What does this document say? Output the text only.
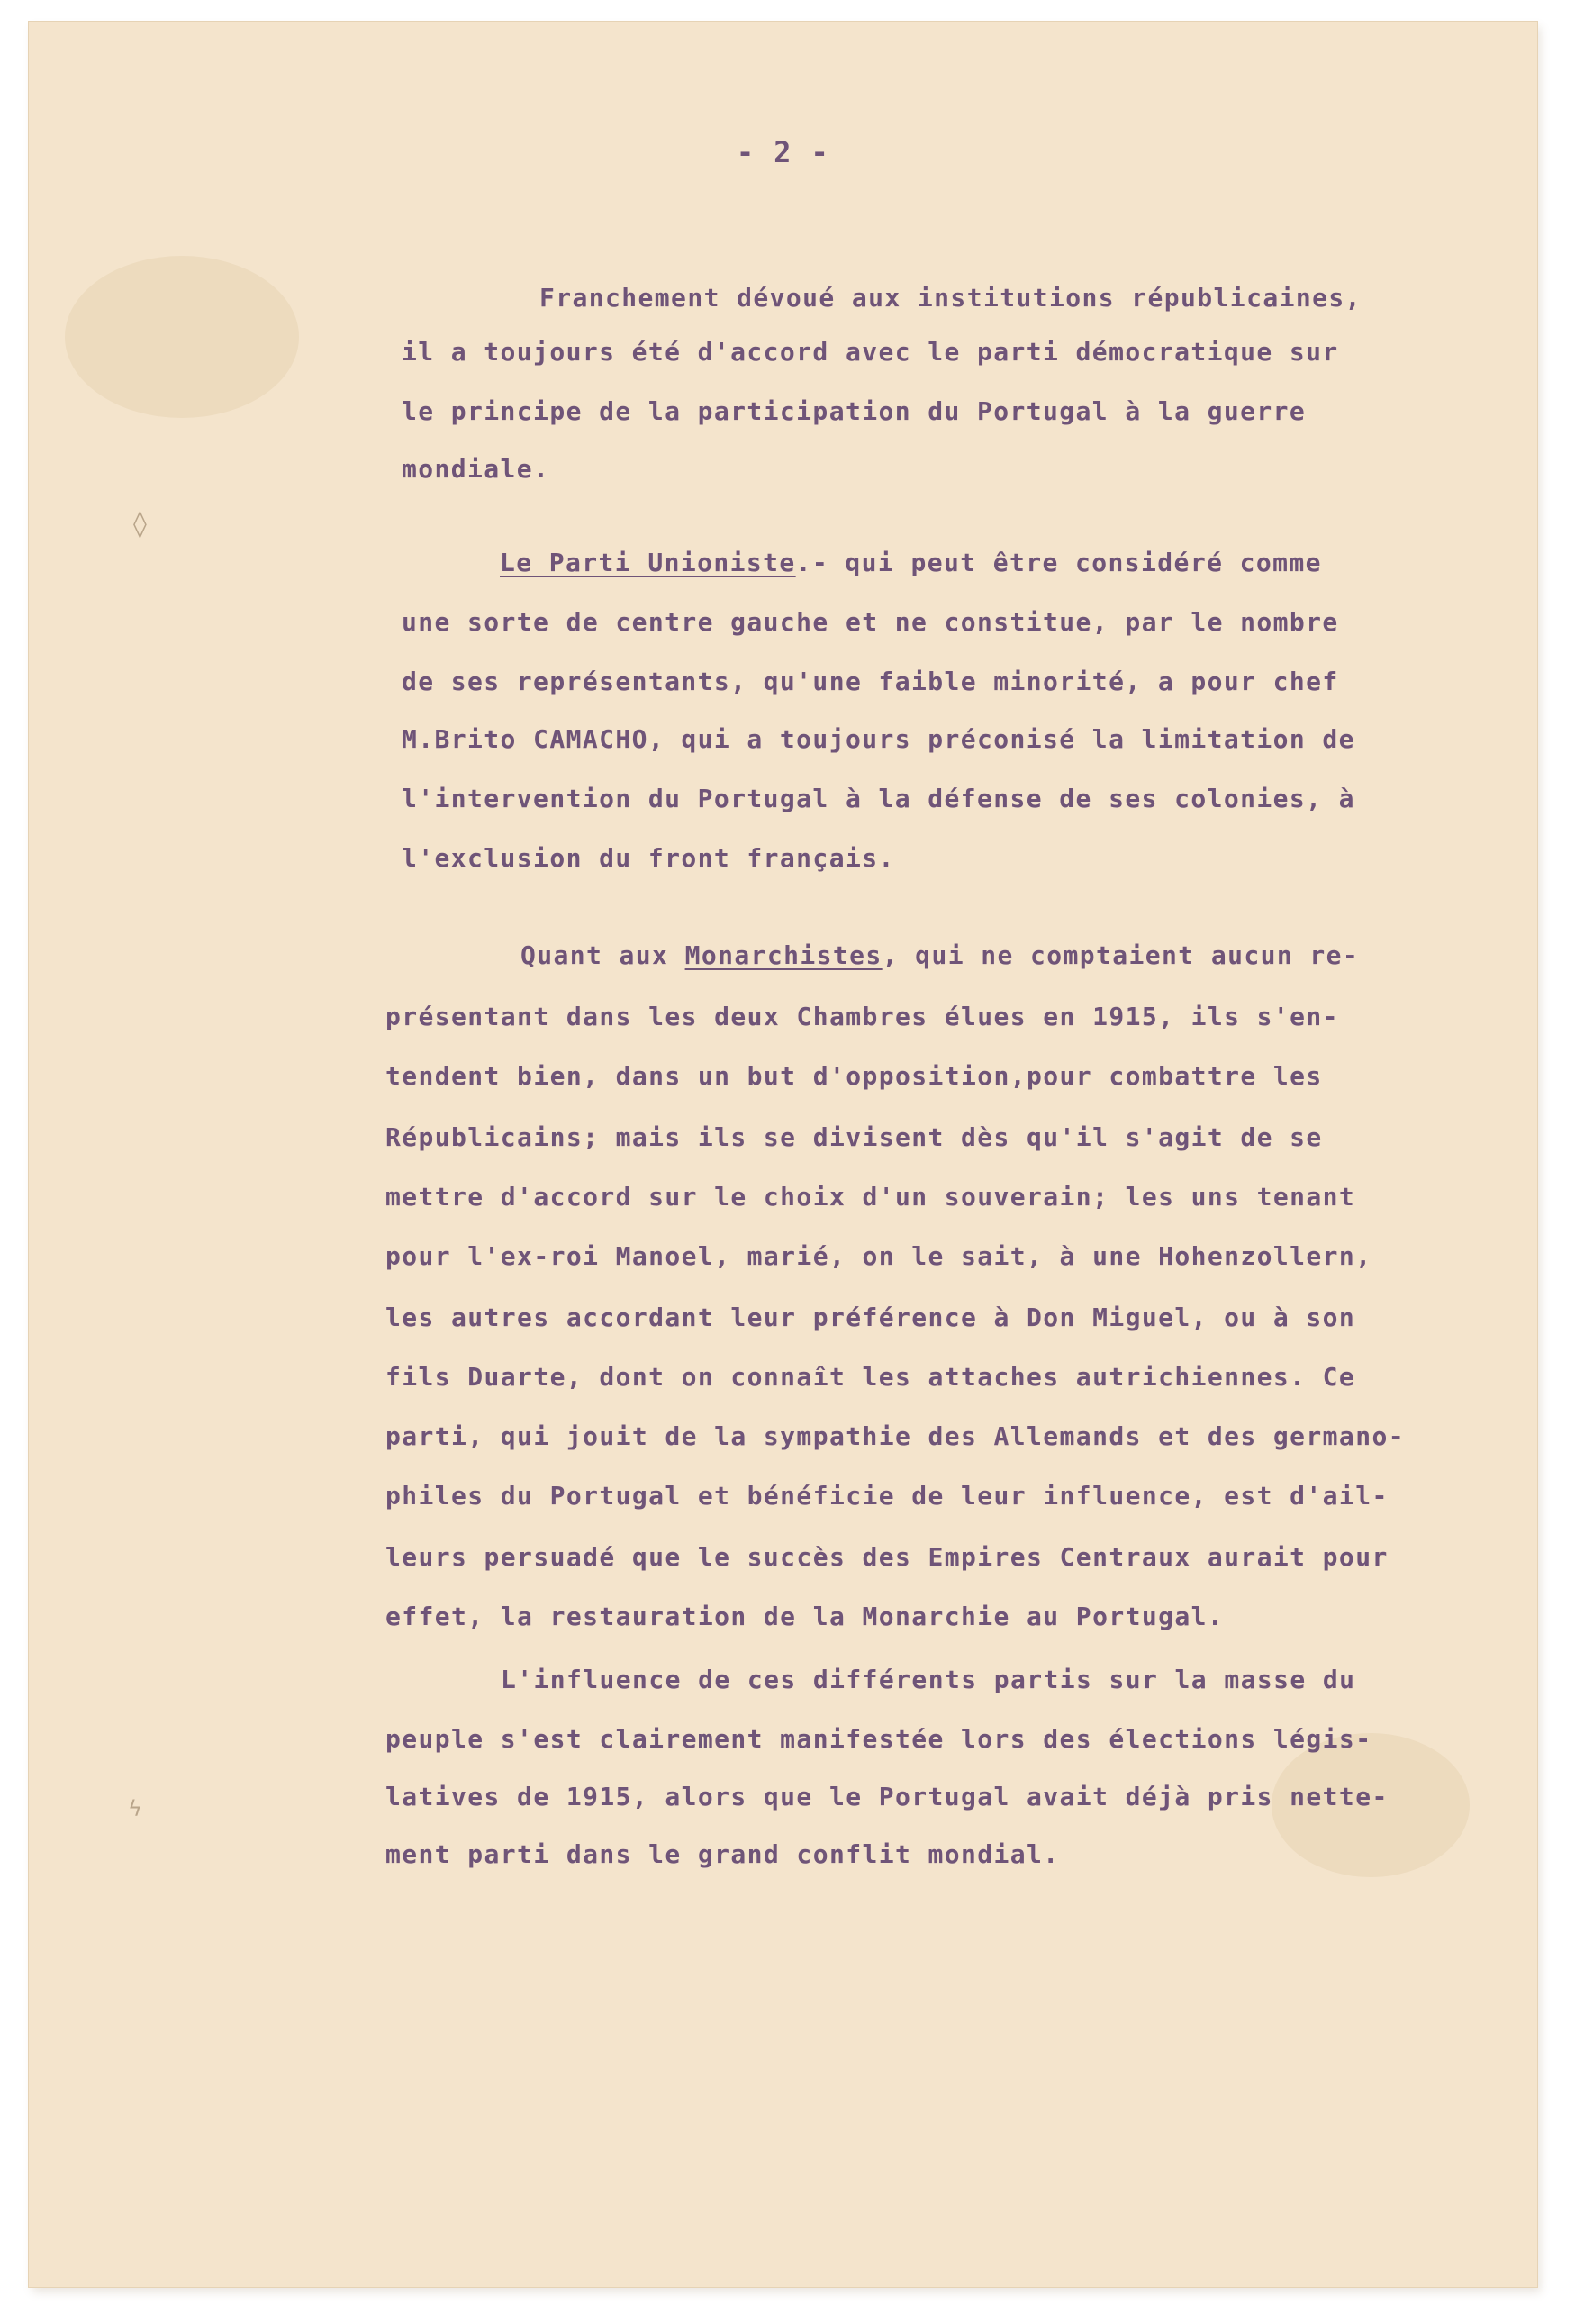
◊
ϟ
- 2 -
Franchement dévoué aux institutions républicaines,
il a toujours été d'accord avec le parti démocratique sur
le principe de la participation du Portugal à la guerre
mondiale.
Le Parti Unioniste.- qui peut être considéré comme
une sorte de centre gauche et ne constitue, par le nombre
de ses représentants, qu'une faible minorité, a pour chef
M.Brito CAMACHO, qui a toujours préconisé la limitation de
l'intervention du Portugal à la défense de ses colonies, à
l'exclusion du front français.
Quant aux Monarchistes, qui ne comptaient aucun re-
présentant dans les deux Chambres élues en 1915, ils s'en-
tendent bien, dans un but d'opposition,pour combattre les
Républicains; mais ils se divisent dès qu'il s'agit de se
mettre d'accord sur le choix d'un souverain; les uns tenant
pour l'ex-roi Manoel, marié, on le sait, à une Hohenzollern,
les autres accordant leur préférence à Don Miguel, ou à son
fils Duarte, dont on connaît les attaches autrichiennes. Ce
parti, qui jouit de la sympathie des Allemands et des germano-
philes du Portugal et bénéficie de leur influence, est d'ail-
leurs persuadé que le succès des Empires Centraux aurait pour
effet, la restauration de la Monarchie au Portugal.
L'influence de ces différents partis sur la masse du
peuple s'est clairement manifestée lors des élections légis-
latives de 1915, alors que le Portugal avait déjà pris nette-
ment parti dans le grand conflit mondial.
